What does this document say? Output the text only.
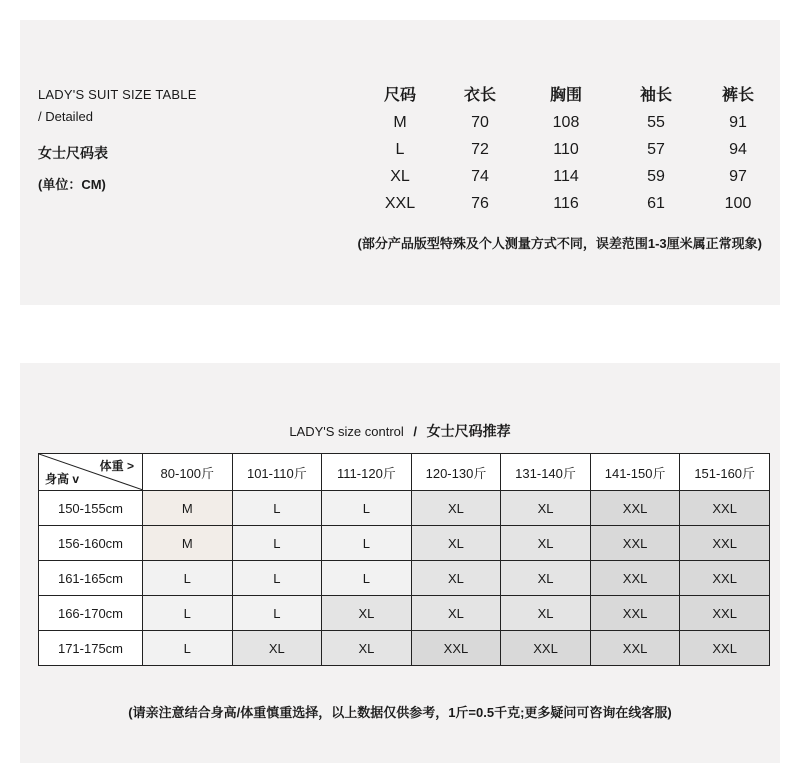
LADY'S SUIT SIZE TABLE
/ Detailed
女士尺码表
(单位：CM)
尺码	衣长	胸围	袖长	裤长
M	70	108	55	91
L	72	110	57	94
XL	74	114	59	97
XXL	76	116	61	100
(部分产品版型特殊及个人测量方式不同，误差范围1-3厘米属正常现象)
LADY'S size control / 女士尺码推荐
体重 >
身高 v	80-100斤	101-110斤	111-120斤	120-130斤	131-140斤	141-150斤	151-160斤
150-155cm	M	L	L	XL	XL	XXL	XXL
156-160cm	M	L	L	XL	XL	XXL	XXL
161-165cm	L	L	L	XL	XL	XXL	XXL
166-170cm	L	L	XL	XL	XL	XXL	XXL
171-175cm	L	XL	XL	XXL	XXL	XXL	XXL
(请亲注意结合身高/体重慎重选择，以上数据仅供参考，1斤=0.5千克;更多疑问可咨询在线客服)
